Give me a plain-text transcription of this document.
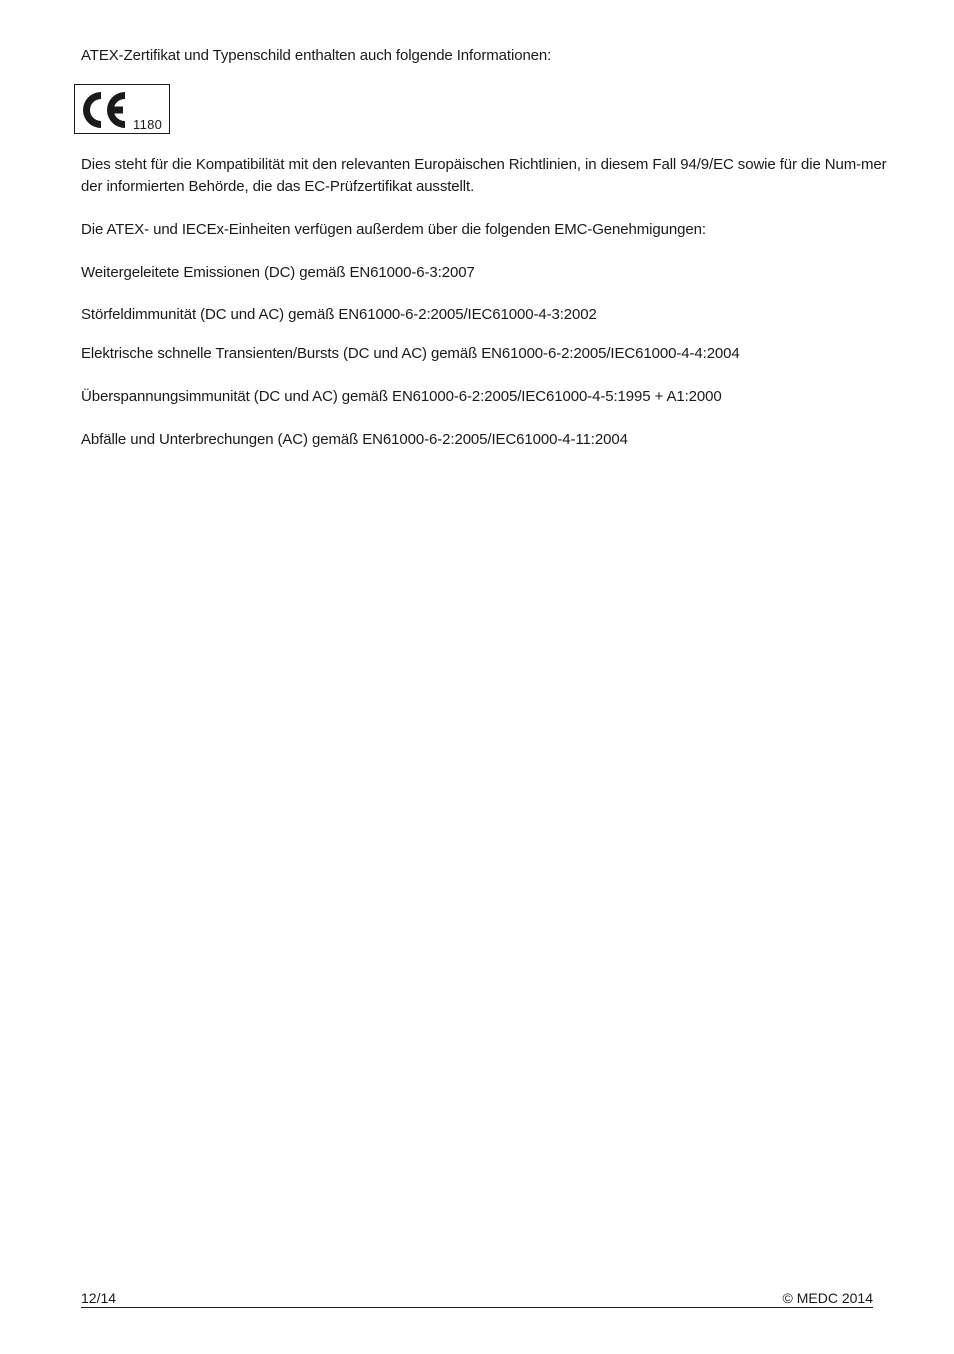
ATEX-Zertifikat und Typenschild enthalten auch folgende Informationen:

1180

Dies steht für die Kompatibilität mit den relevanten Europäischen Richtlinien, in diesem Fall 94/9/EC sowie für die Num-mer der informierten Behörde, die das EC-Prüfzertifikat ausstellt.

Die ATEX- und IECEx-Einheiten verfügen außerdem über die folgenden EMC-Genehmigungen:

Weitergeleitete Emissionen (DC) gemäß EN61000-6-3:2007

Störfeldimmunität (DC und AC) gemäß EN61000-6-2:2005/IEC61000-4-3:2002

Elektrische schnelle Transienten/Bursts (DC und AC) gemäß EN61000-6-2:2005/IEC61000-4-4:2004

Überspannungsimmunität (DC und AC) gemäß EN61000-6-2:2005/IEC61000-4-5:1995 + A1:2000

Abfälle und Unterbrechungen (AC) gemäß EN61000-6-2:2005/IEC61000-4-11:2004

12/14	© MEDC 2014
